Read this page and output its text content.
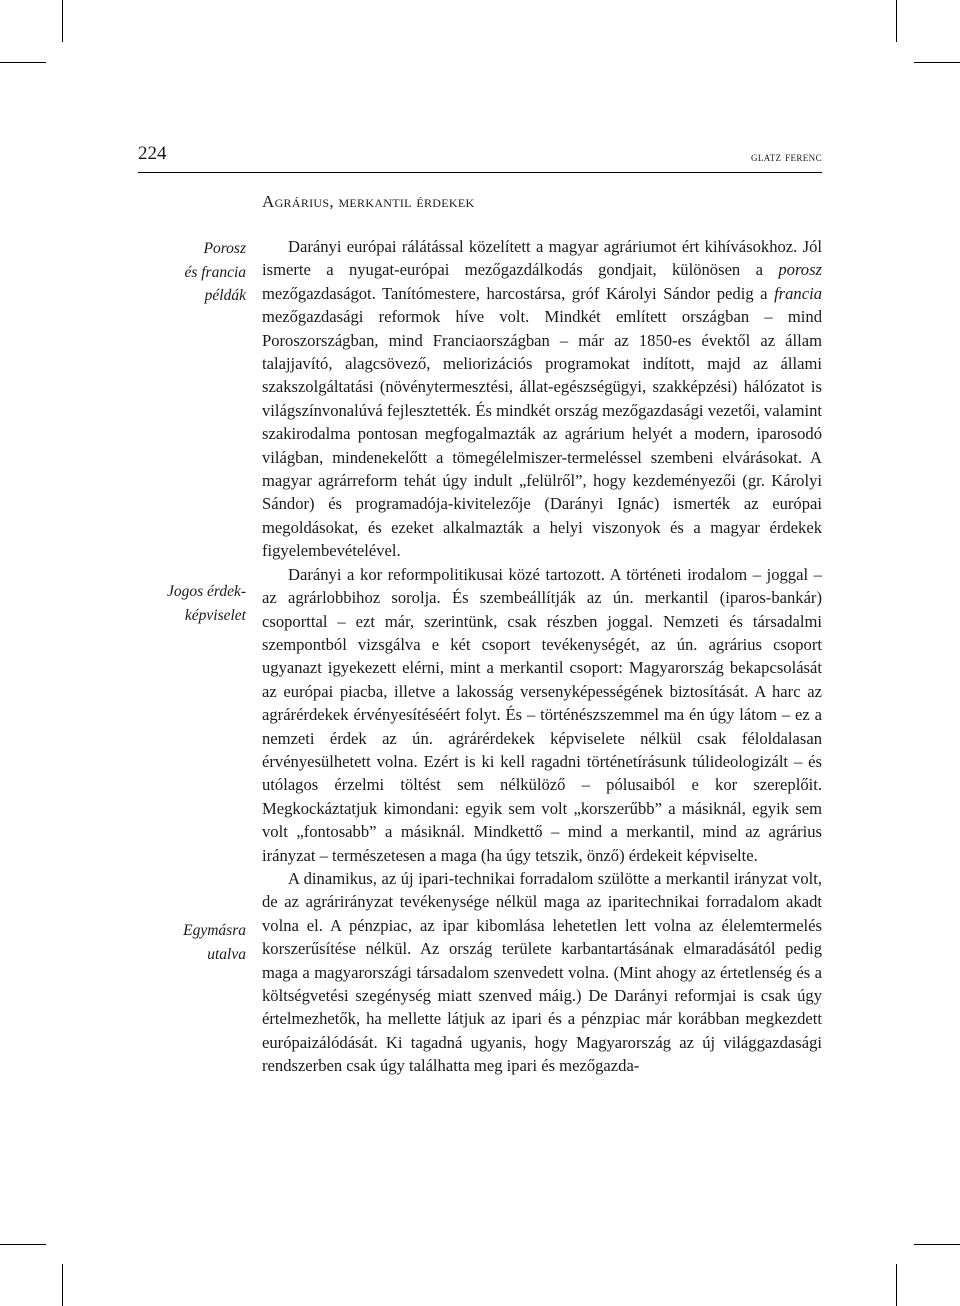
224	glatz ferenc
Agrárius, merkantil érdekek
Porosz
és francia
példák
Jogos érdek-
képviselet
Egymásra
utalva

Darányi európai rálátással közelített a magyar agráriumot ért kihívásokhoz. Jól ismerte a nyugat-európai mezőgazdálkodás gondjait, különösen a porosz mezőgazdaságot. Tanítómestere, harcostársa, gróf Károlyi Sándor pedig a francia mezőgazdasági reformok híve volt. Mindkét említett országban – mind Poroszországban, mind Franciaországban – már az 1850-es évektől az állam talajjavító, alagcsövező, meliorizációs programokat indított, majd az állami szakszolgáltatási (növénytermesztési, állat-egészségügyi, szakképzési) hálózatot is világszínvonalúvá fejlesztették. És mindkét ország mezőgazdasági vezetői, valamint szakirodalma pontosan megfogalmazták az agrárium helyét a modern, iparosodó világban, mindenekelőtt a tömegélelmiszer-termeléssel szembeni elvárásokat. A magyar agrárreform tehát úgy indult „felülről”, hogy kezdeményezői (gr. Károlyi Sándor) és programadója-kivitelezője (Darányi Ignác) ismerték az európai megoldásokat, és ezeket alkalmazták a helyi viszonyok és a magyar érdekek figyelembevételével.

Darányi a kor reformpolitikusai közé tartozott. A történeti irodalom – joggal – az agrárlobbihoz sorolja. És szembeállítják az ún. merkantil (iparos-bankár) csoporttal – ezt már, szerintünk, csak részben joggal. Nemzeti és társadalmi szempontból vizsgálva e két csoport tevékenységét, az ún. agrárius csoport ugyanazt igyekezett elérni, mint a merkantil csoport: Magyarország bekapcsolását az európai piacba, illetve a lakosság versenyképességének biztosítását. A harc az agrárérdekek érvényesítéséért folyt. És – történészszemmel ma én úgy látom – ez a nemzeti érdek az ún. agrárérdekek képviselete nélkül csak féloldalasan érvényesülhetett volna. Ezért is ki kell ragadni történetírásunk túlideologizált – és utólagos érzelmi töltést sem nélkülöző – pólusaiból e kor szereplőit. Megkockáztatjuk kimondani: egyik sem volt „korszerűbb” a másiknál, egyik sem volt „fontosabb” a másiknál. Mindkettő – mind a merkantil, mind az agrárius irányzat – természetesen a maga (ha úgy tetszik, önző) érdekeit képviselte.

A dinamikus, az új ipari-technikai forradalom szülötte a merkantil irányzat volt, de az agrárirányzat tevékenysége nélkül maga az iparitechnikai forradalom akadt volna el. A pénzpiac, az ipar kibomlása lehetetlen lett volna az élelemtermelés korszerűsítése nélkül. Az ország területe karbantartásának elmaradásától pedig maga a magyarországi társadalom szenvedett volna. (Mint ahogy az értetlenség és a költségvetési szegénység miatt szenved máig.) De Darányi reformjai is csak úgy értelmezhetők, ha mellette látjuk az ipari és a pénzpiac már korábban megkezdett európaizálódását. Ki tagadná ugyanis, hogy Magyarország az új világgazdasági rendszerben csak úgy találhatta meg ipari és mezőgazda-
